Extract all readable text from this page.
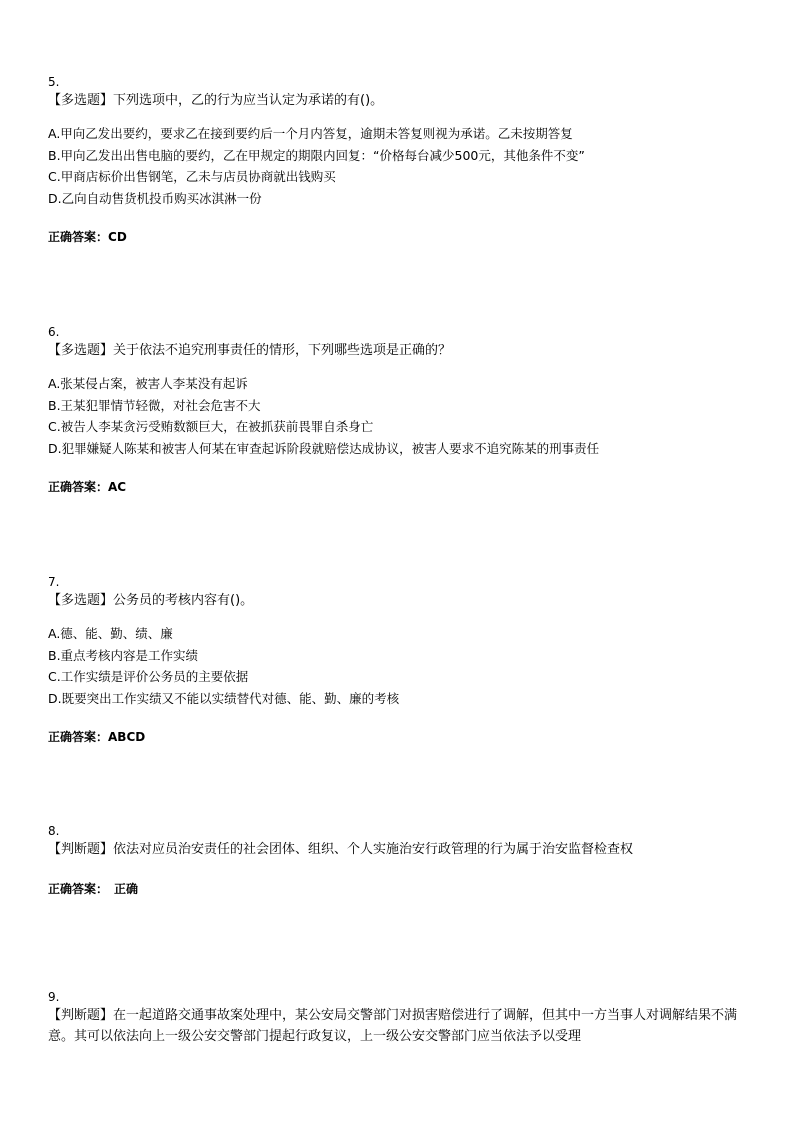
5.

【多选题】下列选项中，乙的行为应当认定为承诺的有()。

A.甲向乙发出要约，要求乙在接到要约后一个月内答复，逾期未答复则视为承诺。乙未按期答复

B.甲向乙发出出售电脑的要约，乙在甲规定的期限内回复：“价格每台减少500元，其他条件不变”

C.甲商店标价出售钢笔，乙未与店员协商就出钱购买

D.乙向自动售货机投币购买冰淇淋一份

正确答案：CD

6.

【多选题】关于依法不追究刑事责任的情形，下列哪些选项是正确的？

A.张某侵占案，被害人李某没有起诉

B.王某犯罪情节轻微，对社会危害不大

C.被告人李某贪污受贿数额巨大，在被抓获前畏罪自杀身亡

D.犯罪嫌疑人陈某和被害人何某在审查起诉阶段就赔偿达成协议，被害人要求不追究陈某的刑事责任

正确答案：AC

7.

【多选题】公务员的考核内容有()。

A.德、能、勤、绩、廉

B.重点考核内容是工作实绩

C.工作实绩是评价公务员的主要依据

D.既要突出工作实绩又不能以实绩替代对德、能、勤、廉的考核

正确答案：ABCD

8.

【判断题】依法对应员治安责任的社会团体、组织、个人实施治安行政管理的行为属于治安监督检查权

正确答案： 正确

9.

【判断题】在一起道路交通事故案处理中，某公安局交警部门对损害赔偿进行了调解，但其中一方当事人对调解结果不满意。其可以依法向上一级公安交警部门提起行政复议，上一级公安交警部门应当依法予以受理
